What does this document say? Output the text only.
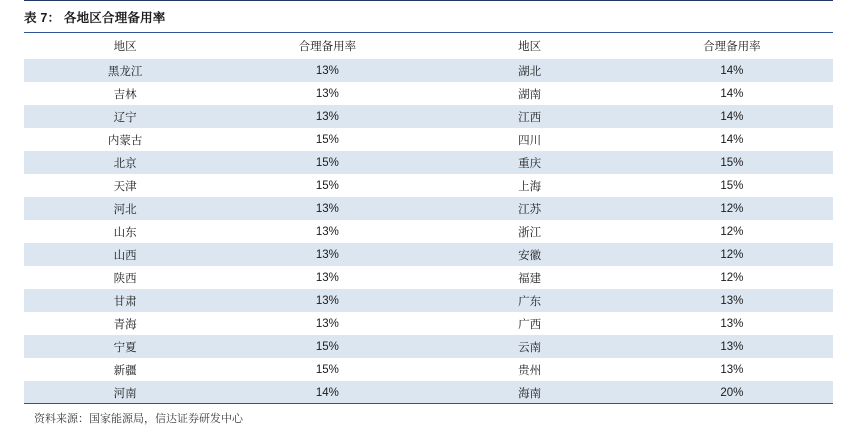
表 7： 各地区合理备用率
地区	合理备用率	地区	合理备用率
黑龙江	13%	湖北	14%
吉林	13%	湖南	14%
辽宁	13%	江西	14%
内蒙古	15%	四川	14%
北京	15%	重庆	15%
天津	15%	上海	15%
河北	13%	江苏	12%
山东	13%	浙江	12%
山西	13%	安徽	12%
陕西	13%	福建	12%
甘肃	13%	广东	13%
青海	13%	广西	13%
宁夏	15%	云南	13%
新疆	15%	贵州	13%
河南	14%	海南	20%
资料来源：国家能源局，信达证券研发中心
